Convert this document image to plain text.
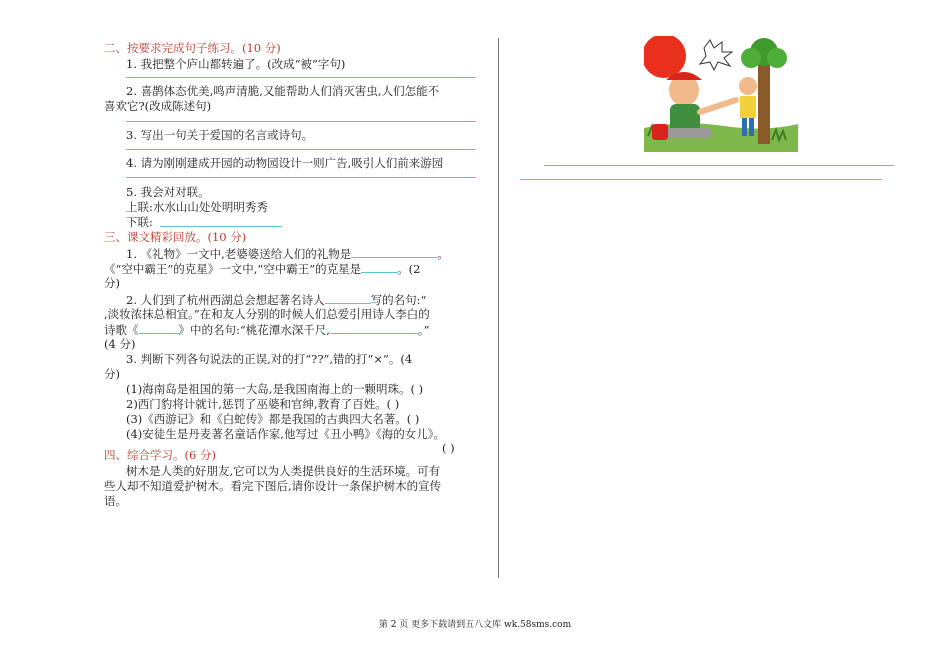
二、按要求完成句子练习。(10 分)
1. 我把整个庐山都转遍了。(改成“被”字句)
2. 喜鹊体态优美,鸣声清脆,又能帮助人们消灭害虫,人们怎能不
喜欢它?(改成陈述句)
3. 写出一句关于爱国的名言或诗句。
4. 请为刚刚建成开园的动物园设计一则广告,吸引人们前来游园
5. 我会对对联。
上联:水水山山处处明明秀秀
下联:
三、课文精彩回放。(10 分)
1. 《礼物》一文中,老婆婆送给人们的礼物是	。
《“空中霸王”的克星》一文中,“空中霸王”的克星是	。(2
分)
2. 人们到了杭州西湖总会想起著名诗人	写的名句:“
,淡妆浓抹总相宜。”在和友人分别的时候人们总爱引用诗人李白的
诗歌《	》中的名句:“桃花潭水深千尺,	。”
(4 分)
3. 判断下列各句说法的正误,对的打“??”,错的打“×”。(4
分)
(1)海南岛是祖国的第一大岛,是我国南海上的一颗明珠。( )
2)西门豹将计就计,惩罚了巫婆和官绅,教育了百姓。( )
(3)《西游记》和《白蛇传》都是我国的古典四大名著。( )
(4)安徒生是丹麦著名童话作家,他写过《丑小鸭》《海的女儿》。
( )
四、综合学习。(6 分)
树木是人类的好朋友,它可以为人类提供良好的生活环境。可有
些人却不知道爱护树木。看完下图后,请你设计一条保护树木的宣传
语。
第 2 页 更多下载请到五八文库 wk.58sms.com
